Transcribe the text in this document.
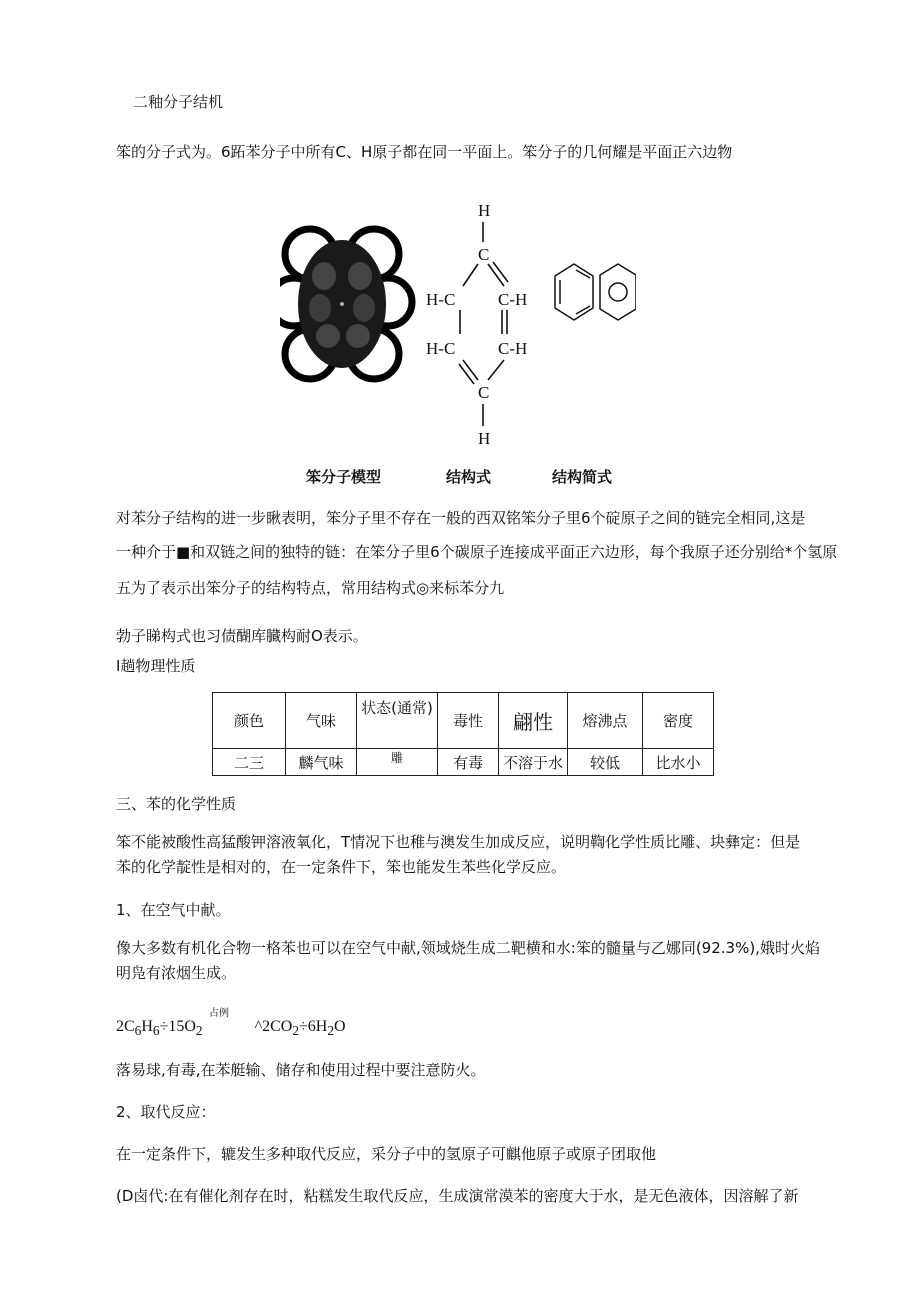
二釉分子结机
笨的分子式为。6跖苯分子中所有C、H原子都在同一平面上。笨分子的几何耀是平面正六边物
H
C
H-C	C-H
H-C	C-H
C
H
笨分子模型	结构式	结构简式
对苯分子结构的进一步瞅表明，笨分子里不存在一般的西双铭笨分子里6个碇原子之间的链完全相同,这是
一种介于■和双链之间的独特的链：在笨分子里6个碳原子连接成平面正六边形，每个我原子还分别给*个氢原
五为了表示出笨分子的结构特点，常用结构式◎来标苯分九
勃子睇构式也习债醐库臓构耐O表示。
I趟物理性质
颜色	气味	状态(通常)	毒性	翩性	熔沸点	密度
二三	麟气味	雕	有毒	不溶于水	较低	比水小
三、苯的化学性质
笨不能被酸性高猛酸钾溶液氧化，T情况下也稚与澳发生加成反应，说明鞫化学性质比雕、块彝定：但是
苯的化学靛性是相对的，在一定条件下，笨也能发生苯些化学反应。
1、在空气中献。
像大多数有机化合物一格苯也可以在空气中献,领域烧生成二靶横和水:笨的髓量与乙娜同(92.3%),娥时火焰
明凫有浓烟生成。
占例
$2C_6H_6\div 15O_2$	$\^{}2CO_2\div 6H_2O$
落易球,有毒,在苯艇输、储存和使用过程中要注意防火。
2、取代反应：
在一定条件下，辘发生多种取代反应，采分子中的氢原子可麒他原子或原子团取他
(D卤代:在有催化剂存在时，粘糕发生取代反应，生成演常漠苯的密度大于水，是无色液体，因溶解了新
